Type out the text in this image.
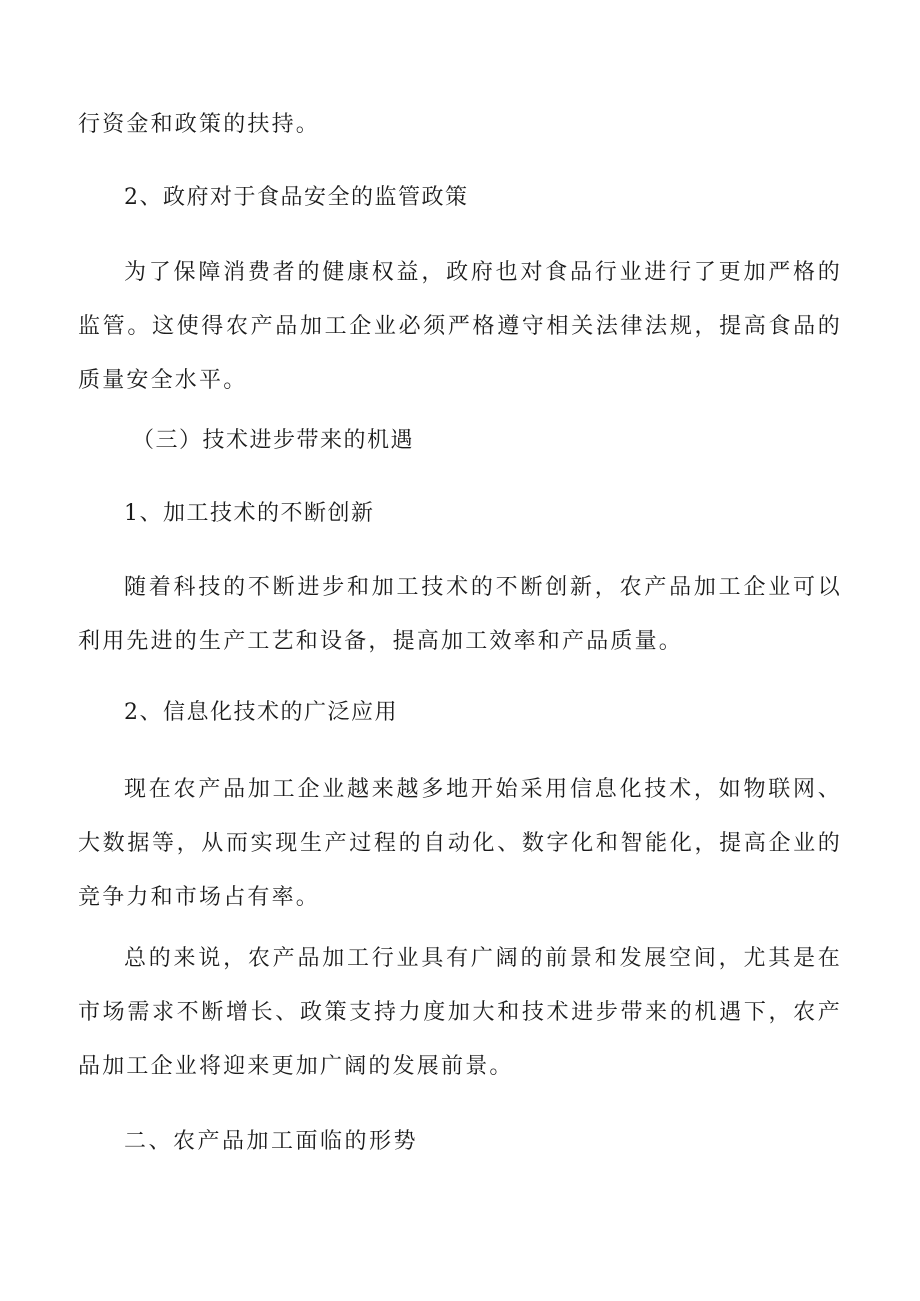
行资金和政策的扶持。

2、政府对于食品安全的监管政策

为了保障消费者的健康权益，政府也对食品行业进行了更加严格的监管。这使得农产品加工企业必须严格遵守相关法律法规，提高食品的质量安全水平。

（三）技术进步带来的机遇

1、加工技术的不断创新

随着科技的不断进步和加工技术的不断创新，农产品加工企业可以利用先进的生产工艺和设备，提高加工效率和产品质量。

2、信息化技术的广泛应用

现在农产品加工企业越来越多地开始采用信息化技术，如物联网、大数据等，从而实现生产过程的自动化、数字化和智能化，提高企业的竞争力和市场占有率。

总的来说，农产品加工行业具有广阔的前景和发展空间，尤其是在市场需求不断增长、政策支持力度加大和技术进步带来的机遇下，农产品加工企业将迎来更加广阔的发展前景。

二、农产品加工面临的形势
